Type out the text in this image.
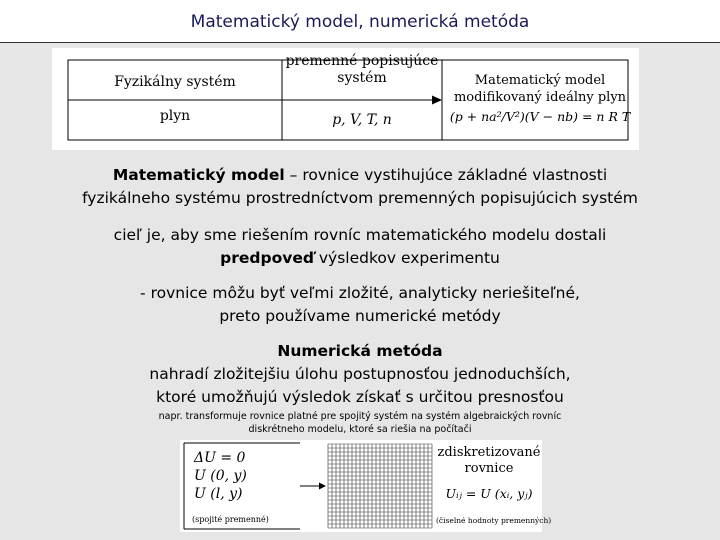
Matematický model, numerická metóda
Fyzikálny systém
plyn
premenné popisujúce
systém
p, V, T, n
Matematický model
modifikovaný ideálny plyn
(p + na²/V²)(V − nb) = n R T
Matematický model – rovnice vystihujúce základné vlastnosti
fyzikálneho systému prostredníctvom premenných popisujúcich systém
cieľ je, aby sme riešením rovníc matematického modelu dostali
predpoveď výsledkov experimentu
- rovnice môžu byť veľmi zložité, analyticky neriešiteľné,
preto používame numerické metódy
Numerická metóda
nahradí zložitejšiu úlohu postupnosťou jednoduchších,
ktoré umožňujú výsledok získať s určitou presnosťou
napr. transformuje rovnice platné pre spojitý systém na systém algebraických rovníc
diskrétneho modelu, ktoré sa riešia na počítači
ΔU = 0
U (0, y)
U (l, y)
(spojité premenné)
zdiskretizované
rovnice
Uᵢⱼ = U (xᵢ, yⱼ)
(čiselné hodnoty premenných)
